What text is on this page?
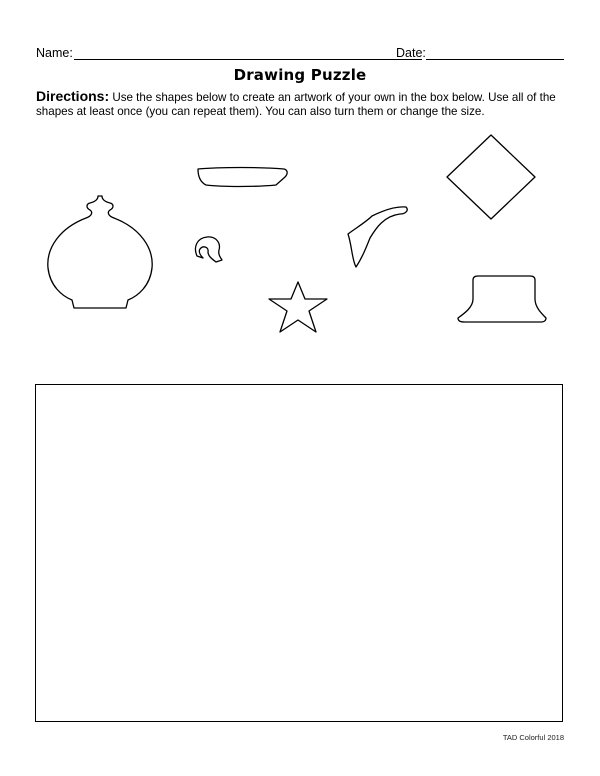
Name:	Date:
Drawing Puzzle
Directions: Use the shapes below to create an artwork of your own in the box below. Use all of the shapes at least once (you can repeat them). You can also turn them or change the size.
TAD Colorful 2018
